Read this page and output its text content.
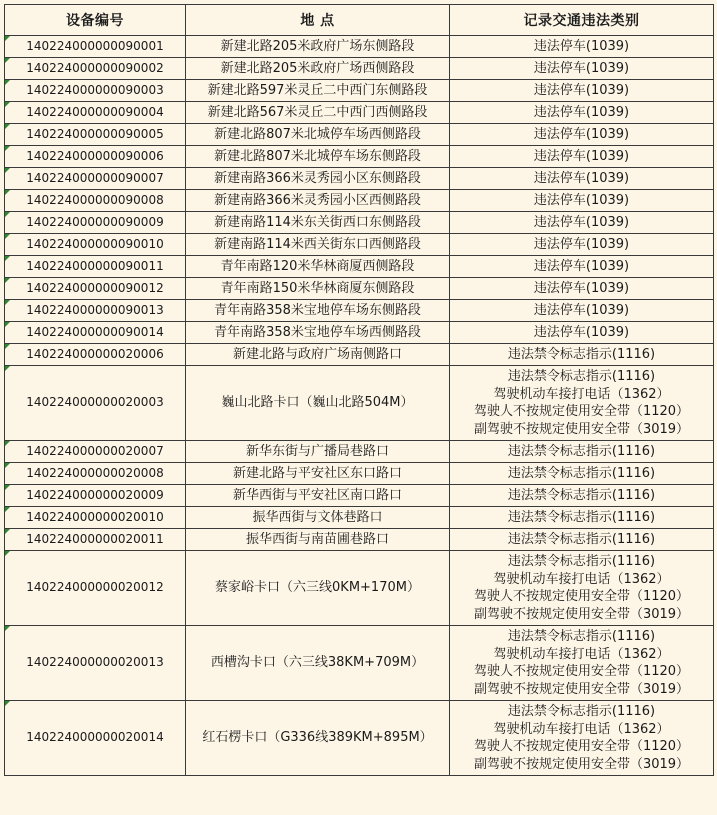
设备编号	地 点	记录交通违法类别
140224000000090001	新建北路205米政府广场东侧路段	违法停车(1039)

140224000000090002	新建北路205米政府广场西侧路段	违法停车(1039)

140224000000090003	新建北路597米灵丘二中西门东侧路段	违法停车(1039)

140224000000090004	新建北路567米灵丘二中西门西侧路段	违法停车(1039)

140224000000090005	新建北路807米北城停车场西侧路段	违法停车(1039)

140224000000090006	新建北路807米北城停车场东侧路段	违法停车(1039)

140224000000090007	新建南路366米灵秀园小区东侧路段	违法停车(1039)

140224000000090008	新建南路366米灵秀园小区西侧路段	违法停车(1039)

140224000000090009	新建南路114米东关街西口东侧路段	违法停车(1039)

140224000000090010	新建南路114米西关街东口西侧路段	违法停车(1039)

140224000000090011	青年南路120米华林商厦西侧路段	违法停车(1039)

140224000000090012	青年南路150米华林商厦东侧路段	违法停车(1039)

140224000000090013	青年南路358米宝地停车场东侧路段	违法停车(1039)

140224000000090014	青年南路358米宝地停车场西侧路段	违法停车(1039)

140224000000020006	新建北路与政府广场南侧路口	违法禁令标志指示(1116)

140224000000020003	巍山北路卡口（巍山北路504M）	违法禁令标志指示(1116)
驾驶机动车接打电话（1362）
驾驶人不按规定使用安全带（1120）
副驾驶不按规定使用安全带（3019）

140224000000020007	新华东街与广播局巷路口	违法禁令标志指示(1116)

140224000000020008	新建北路与平安社区东口路口	违法禁令标志指示(1116)

140224000000020009	新华西街与平安社区南口路口	违法禁令标志指示(1116)

140224000000020010	振华西街与文体巷路口	违法禁令标志指示(1116)

140224000000020011	振华西街与南苗圃巷路口	违法禁令标志指示(1116)

140224000000020012	蔡家峪卡口（六三线0KM+170M）	违法禁令标志指示(1116)
驾驶机动车接打电话（1362）
驾驶人不按规定使用安全带（1120）
副驾驶不按规定使用安全带（3019）

140224000000020013	西槽沟卡口（六三线38KM+709M）	违法禁令标志指示(1116)
驾驶机动车接打电话（1362）
驾驶人不按规定使用安全带（1120）
副驾驶不按规定使用安全带（3019）

140224000000020014	红石楞卡口（G336线389KM+895M）	违法禁令标志指示(1116)
驾驶机动车接打电话（1362）
驾驶人不按规定使用安全带（1120）
副驾驶不按规定使用安全带（3019）
